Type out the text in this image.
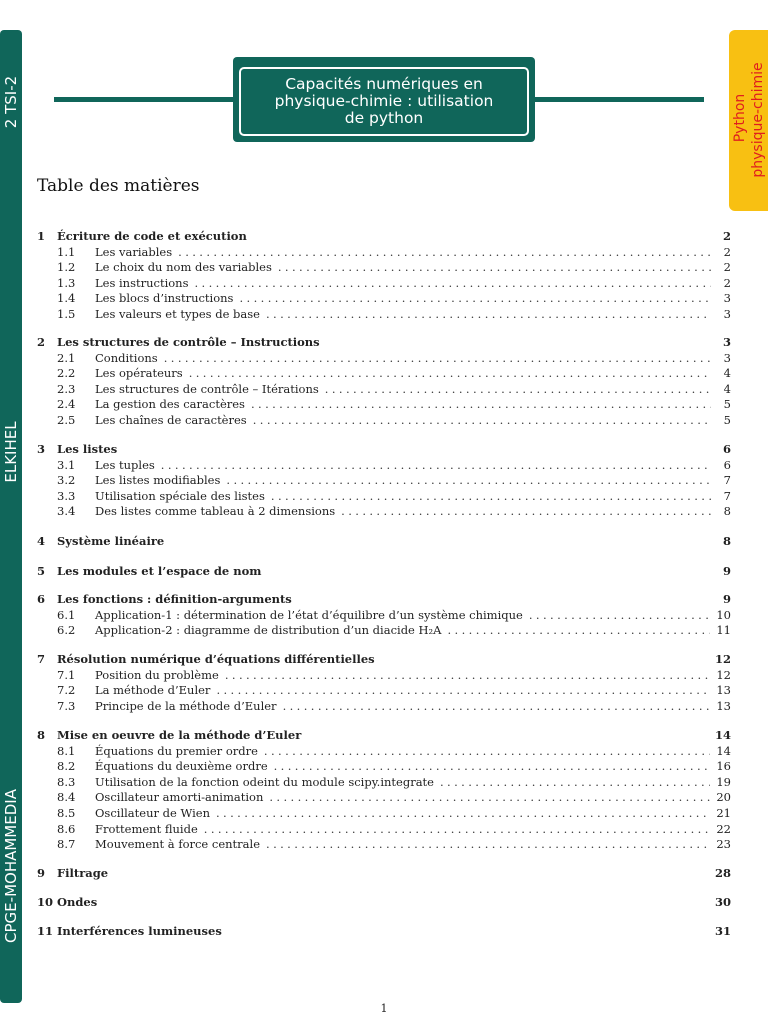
2 TSI-2
ELKIHEL
CPGE-MOHAMMEDIA
Python physique-chimie
Capacités numériques en physique-chimie : utilisation de python
Table des matières
1	Écriture de code et exécution	2
1.1	Les variables .....	2
1.2	Le choix du nom des variables .....	2
1.3	Les instructions .....	2
1.4	Les blocs d’instructions .....	3
1.5	Les valeurs et types de base .....	3
2	Les structures de contrôle – Instructions	3
2.1	Conditions .....	3
2.2	Les opérateurs .....	4
2.3	Les structures de contrôle – Itérations .....	4
2.4	La gestion des caractères .....	5
2.5	Les chaînes de caractères .....	5
3	Les listes	6
3.1	Les tuples .....	6
3.2	Les listes modifiables .....	7
3.3	Utilisation spéciale des listes .....	7
3.4	Des listes comme tableau à 2 dimensions .....	8
4	Système linéaire	8
5	Les modules et l’espace de nom	9
6	Les fonctions : définition-arguments	9
6.1	Application-1 : détermination de l’état d’équilibre d’un système chimique .....	10
6.2	Application-2 : diagramme de distribution d’un diacide H₂A .....	11
7	Résolution numérique d’équations différentielles	12
7.1	Position du problème .....	12
7.2	La méthode d’Euler .....	13
7.3	Principe de la méthode d’Euler .....	13
8	Mise en oeuvre de la méthode d’Euler	14
8.1	Équations du premier ordre .....	14
8.2	Équations du deuxième ordre .....	16
8.3	Utilisation de la fonction odeint du module scipy.integrate .....	19
8.4	Oscillateur amorti-animation .....	20
8.5	Oscillateur de Wien .....	21
8.6	Frottement fluide .....	22
8.7	Mouvement à force centrale .....	23
9	Filtrage	28
10 Ondes	30
11 Interférences lumineuses	31
1
